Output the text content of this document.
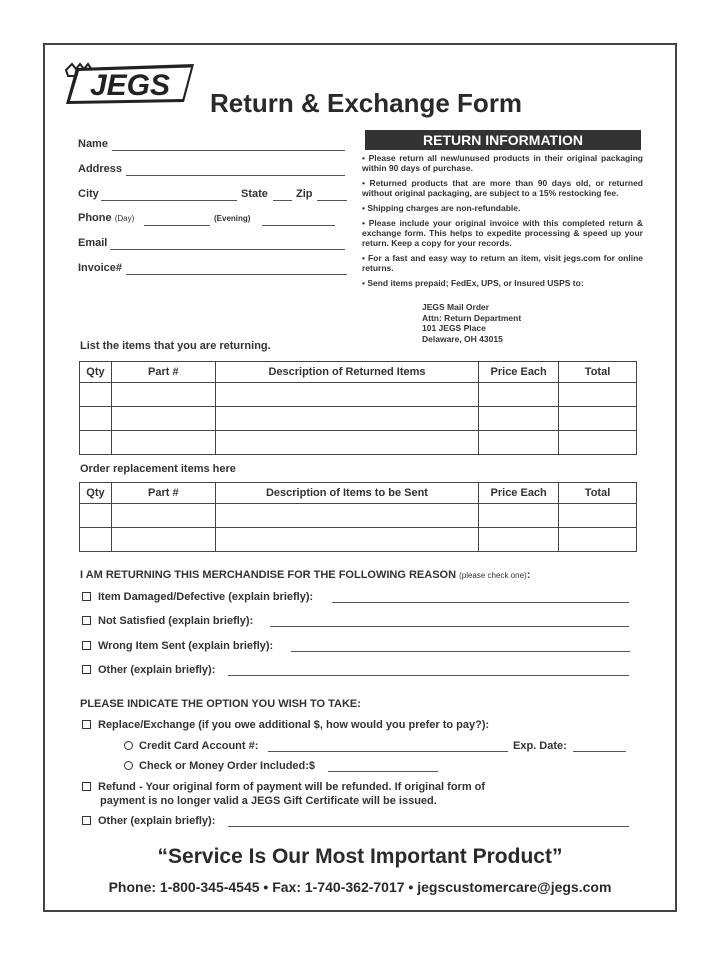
JEGS
Return & Exchange Form
Name
Address
City	State	Zip
Phone (Day)	(Evening)
Email
Invoice#
RETURN INFORMATION
• Please return all new/unused products in their original packaging within 90 days of purchase.
• Returned products that are more than 90 days old, or returned without original packaging, are subject to a 15% restocking fee.
• Shipping charges are non-refundable.
• Please include your original invoice with this completed return & exchange form. This helps to expedite processing & speed up your return. Keep a copy for your records.
• For a fast and easy way to return an item, visit jegs.com for online returns.
• Send items prepaid; FedEx, UPS, or Insured USPS to:
JEGS Mail Order
Attn: Return Department
101 JEGS Place
Delaware, OH 43015
List the items that you are returning.
Qty	Part #	Description of Returned Items	Price Each	Total

Order replacement items here
Qty	Part #	Description of Items to be Sent	Price Each	Total

I AM RETURNING THIS MERCHANDISE FOR THE FOLLOWING REASON (please check one):
Item Damaged/Defective (explain briefly):
Not Satisfied (explain briefly):
Wrong Item Sent (explain briefly):
Other (explain briefly):
PLEASE INDICATE THE OPTION YOU WISH TO TAKE:
Replace/Exchange (if you owe additional $, how would you prefer to pay?):
Credit Card Account #:	Exp. Date:
Check or Money Order Included:$
Refund - Your original form of payment will be refunded. If original form of
payment is no longer valid a JEGS Gift Certificate will be issued.
Other (explain briefly):
“Service Is Our Most Important Product”
Phone: 1-800-345-4545 • Fax: 1-740-362-7017 • jegscustomercare@jegs.com
